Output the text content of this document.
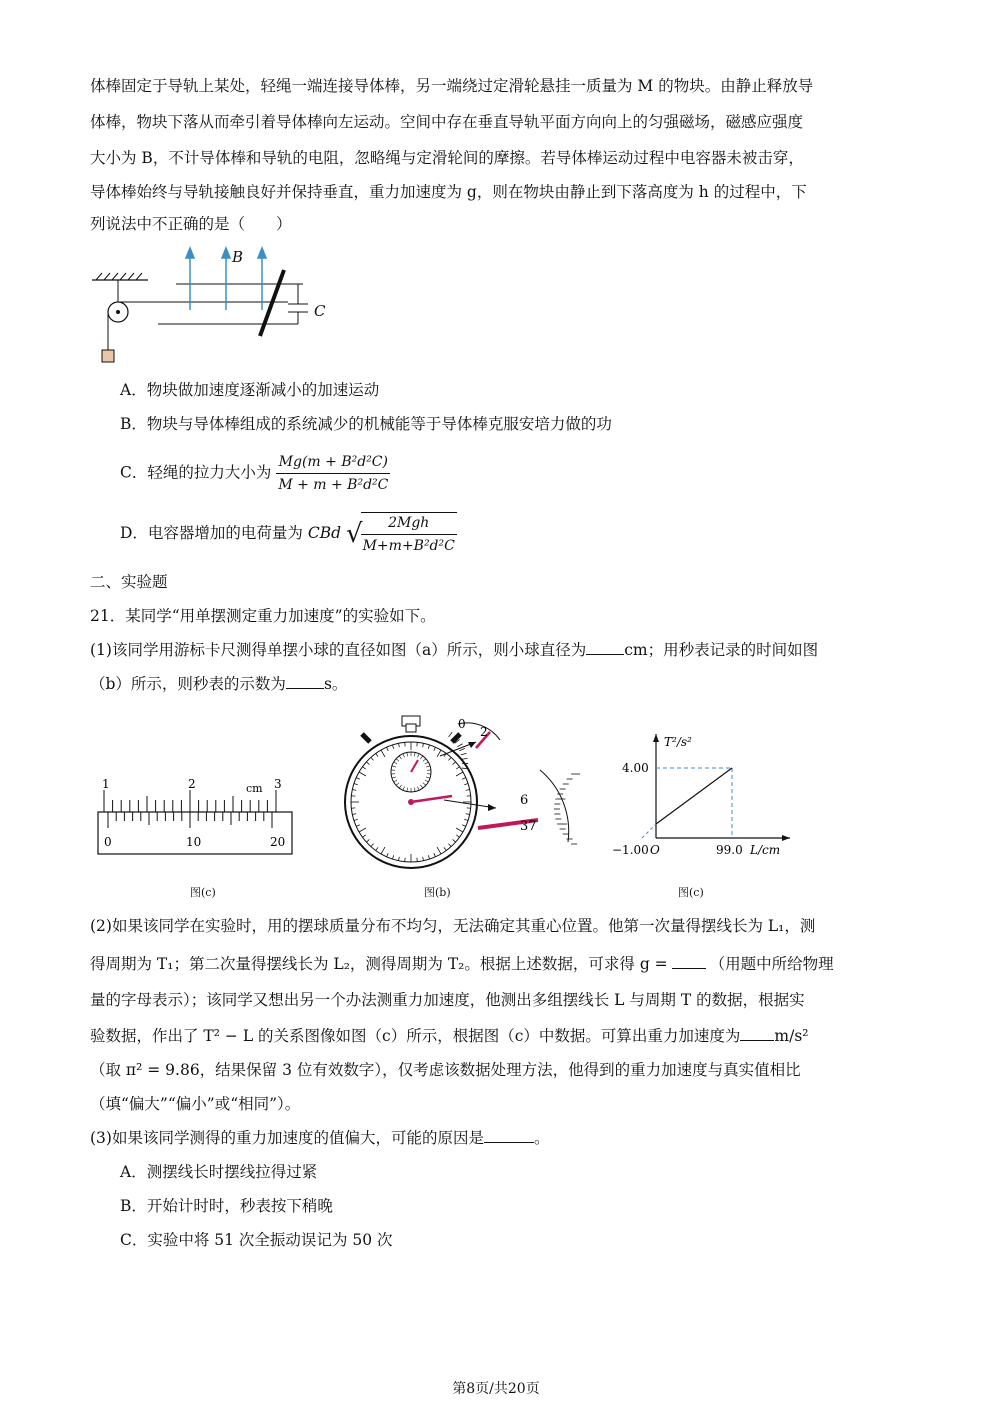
体棒固定于导轨上某处，轻绳一端连接导体棒，另一端绕过定滑轮悬挂一质量为 M 的物块。由静止释放导
体棒，物块下落从而牵引着导体棒向左运动。空间中存在垂直导轨平面方向向上的匀强磁场，磁感应强度
大小为 B，不计导体棒和导轨的电阻，忽略绳与定滑轮间的摩擦。若导体棒运动过程中电容器未被击穿，
导体棒始终与导轨接触良好并保持垂直，重力加速度为 g，则在物块由静止到下落高度为 h 的过程中，下
列说法中不正确的是（　　）
B
C
A．物块做加速度逐渐减小的加速运动
B．物块与导体棒组成的系统减少的机械能等于导体棒克服安培力做的功
C．轻绳的拉力大小为 $\frac{\text{Mg(m + B²d²C)}}{\text{M + m + B²d²C}}$
D．电容器增加的电荷量为 CBd √
$\frac{\text{2Mgh}}{\text{M+m+B²d²C}}$
二、实验题
21．某同学“用单摆测定重力加速度”的实验如下。
(1)该同学用游标卡尺测得单摆小球的直径如图（a）所示，则小球直径为 cm；用秒表记录的时间如图
（b）所示，则秒表的示数为 s。
1	2	3
cm
0	10	20
0
2
6
37
T²/s²
4.00
−1.00 O	99.0 L/cm
图(c)	图(b)	图(c)
(2)如果该同学在实验时，用的摆球质量分布不均匀，无法确定其重心位置。他第一次量得摆线长为 L₁，测
得周期为 T₁；第二次量得摆线长为 L₂，测得周期为 T₂。根据上述数据，可求得 g =	（用题中所给物理
量的字母表示）；该同学又想出另一个办法测重力加速度，他测出多组摆线长 L 与周期 T 的数据，根据实
验数据，作出了 T² − L 的关系图像如图（c）所示，根据图（c）中数据。可算出重力加速度为 m/s²
（取 π² = 9.86，结果保留 3 位有效数字），仅考虑该数据处理方法，他得到的重力加速度与真实值相比
（填“偏大”“偏小”或“相同”）。
(3)如果该同学测得的重力加速度的值偏大，可能的原因是	。
A．测摆线长时摆线拉得过紧
B．开始计时时，秒表按下稍晚
C．实验中将 51 次全振动误记为 50 次
第8页/共20页
